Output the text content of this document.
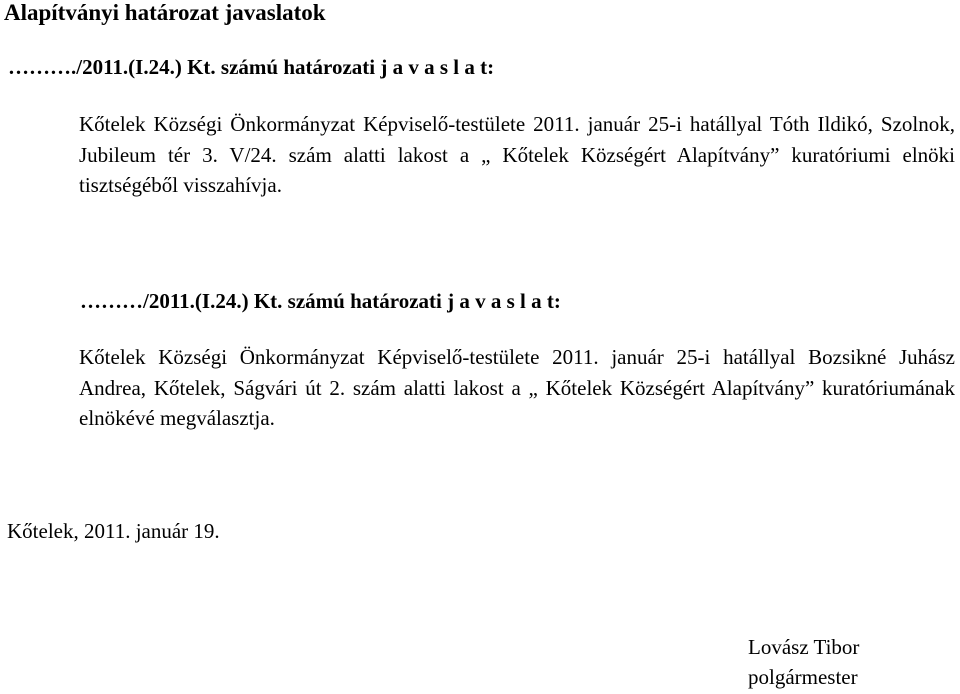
Alapítványi határozat javaslatok
………./2011.(I.24.) Kt. számú határozati j a v a s l a t:

Kőtelek Községi Önkormányzat Képviselő-testülete 2011. január 25-i hatállyal Tóth Ildikó, Szolnok, Jubileum tér 3. V/24. szám alatti lakost a „ Kőtelek Községért Alapítvány” kuratóriumi elnöki tisztségéből visszahívja.

………/2011.(I.24.) Kt. számú határozati j a v a s l a t:

Kőtelek Községi Önkormányzat Képviselő-testülete 2011. január 25-i hatállyal Bozsikné Juhász Andrea, Kőtelek, Ságvári út 2. szám alatti lakost a „ Kőtelek Községért Alapítvány” kuratóriumának elnökévé megválasztja.

Kőtelek, 2011. január 19.
Lovász Tibor
polgármester
